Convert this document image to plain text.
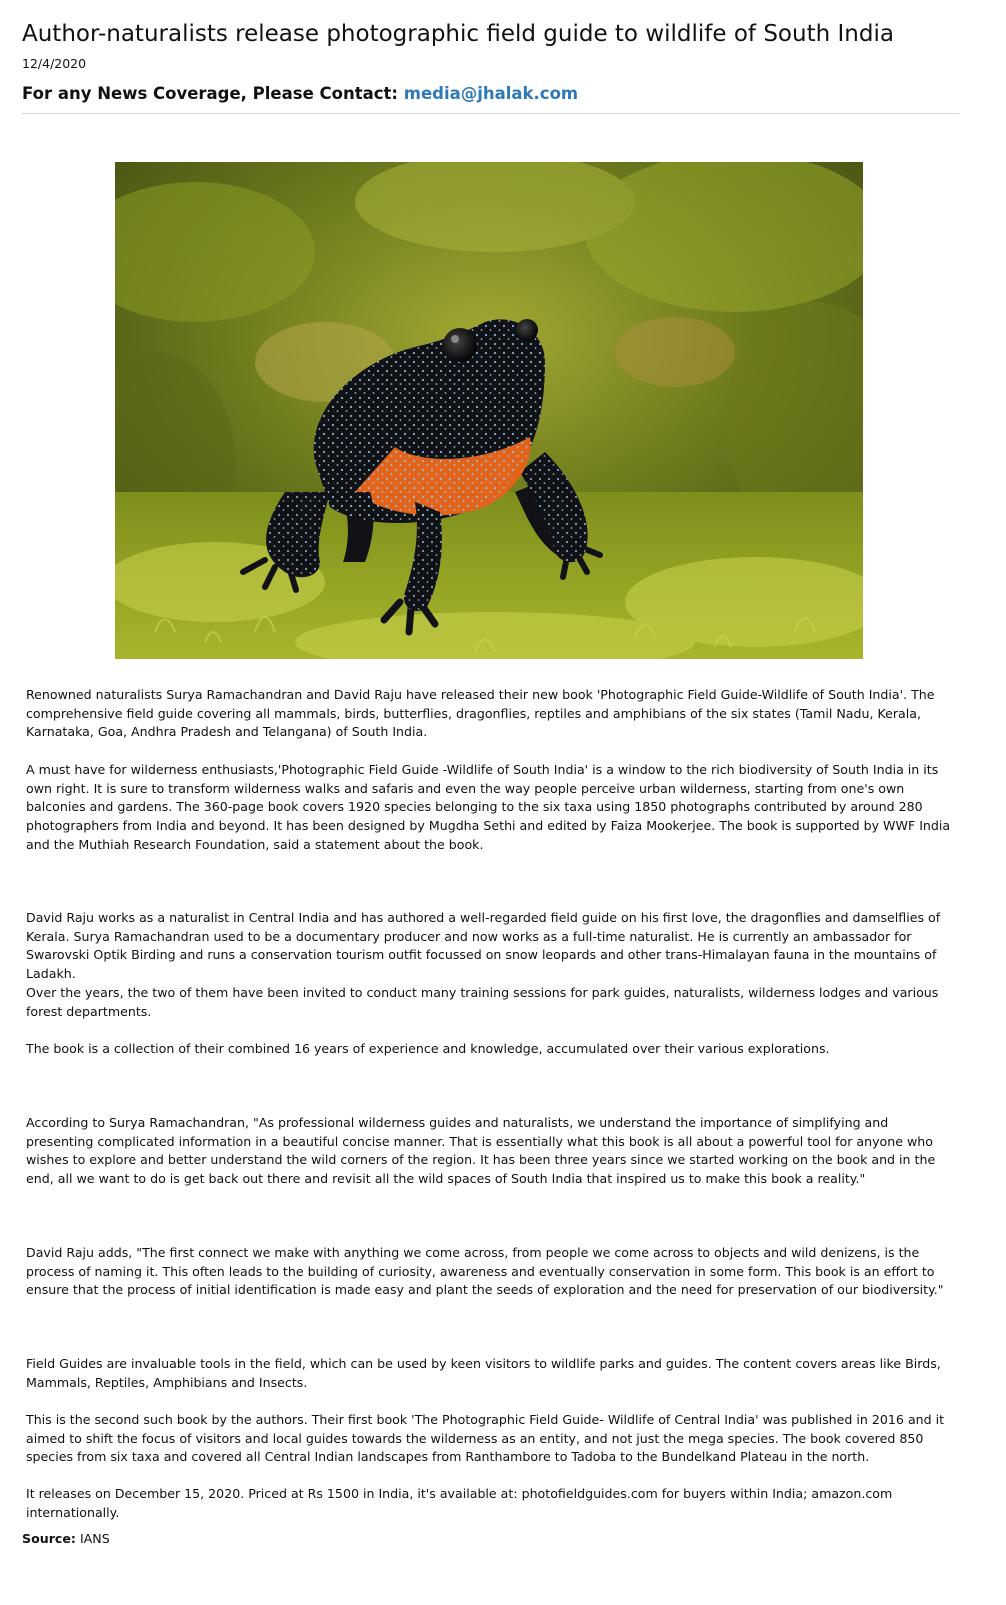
Author-naturalists release photographic field guide to wildlife of South India
12/4/2020
For any News Coverage, Please Contact: media@jhalak.com

Renowned naturalists Surya Ramachandran and David Raju have released their new book 'Photographic Field Guide-Wildlife of South India'. The comprehensive field guide covering all mammals, birds, butterflies, dragonflies, reptiles and amphibians of the six states (Tamil Nadu, Kerala, Karnataka, Goa, Andhra Pradesh and Telangana) of South India.

A must have for wilderness enthusiasts,'Photographic Field Guide -Wildlife of South India' is a window to the rich biodiversity of South India in its own right. It is sure to transform wilderness walks and safaris and even the way people perceive urban wilderness, starting from one's own balconies and gardens. The 360-page book covers 1920 species belonging to the six taxa using 1850 photographs contributed by around 280 photographers from India and beyond. It has been designed by Mugdha Sethi and edited by Faiza Mookerjee. The book is supported by WWF India and the Muthiah Research Foundation, said a statement about the book.

David Raju works as a naturalist in Central India and has authored a well-regarded field guide on his first love, the dragonflies and damselflies of Kerala. Surya Ramachandran used to be a documentary producer and now works as a full-time naturalist. He is currently an ambassador for Swarovski Optik Birding and runs a conservation tourism outfit focussed on snow leopards and other trans-Himalayan fauna in the mountains of Ladakh.

Over the years, the two of them have been invited to conduct many training sessions for park guides, naturalists, wilderness lodges and various forest departments.

The book is a collection of their combined 16 years of experience and knowledge, accumulated over their various explorations.

According to Surya Ramachandran, "As professional wilderness guides and naturalists, we understand the importance of simplifying and presenting complicated information in a beautiful concise manner. That is essentially what this book is all about a powerful tool for anyone who wishes to explore and better understand the wild corners of the region. It has been three years since we started working on the book and in the end, all we want to do is get back out there and revisit all the wild spaces of South India that inspired us to make this book a reality."

David Raju adds, "The first connect we make with anything we come across, from people we come across to objects and wild denizens, is the process of naming it. This often leads to the building of curiosity, awareness and eventually conservation in some form. This book is an effort to ensure that the process of initial identification is made easy and plant the seeds of exploration and the need for preservation of our biodiversity."

Field Guides are invaluable tools in the field, which can be used by keen visitors to wildlife parks and guides. The content covers areas like Birds, Mammals, Reptiles, Amphibians and Insects.

This is the second such book by the authors. Their first book 'The Photographic Field Guide- Wildlife of Central India' was published in 2016 and it aimed to shift the focus of visitors and local guides towards the wilderness as an entity, and not just the mega species. The book covered 850 species from six taxa and covered all Central Indian landscapes from Ranthambore to Tadoba to the Bundelkand Plateau in the north.

It releases on December 15, 2020. Priced at Rs 1500 in India, it's available at: photofieldguides.com for buyers within India; amazon.com internationally.

Source: IANS
